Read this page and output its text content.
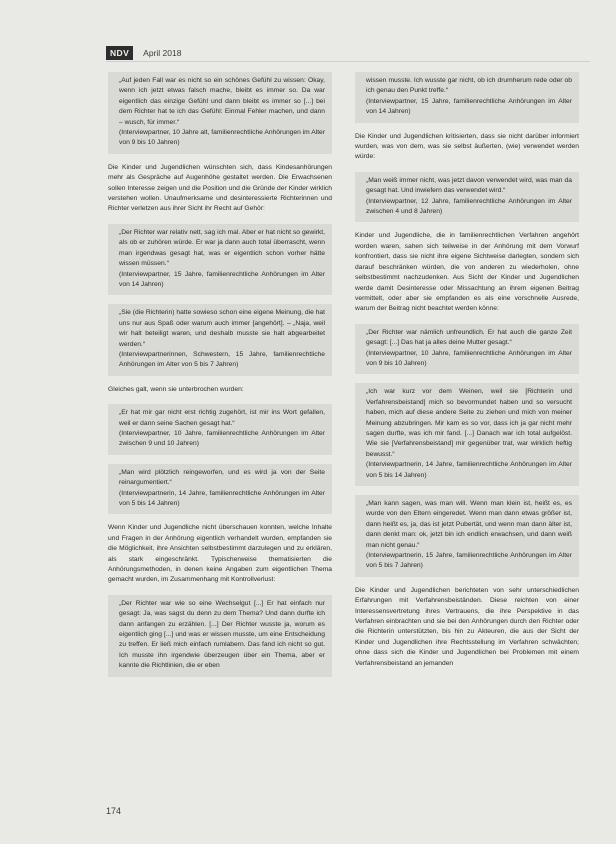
NDV	April 2018

„Auf jeden Fall war es nicht so ein schönes Gefühl zu wissen: Okay, wenn ich jetzt etwas falsch mache, bleibt es immer so. Da war eigentlich das einzige Gefühl und dann bleibt es immer so [...] bei dem Richter hat te ich das Gefühl: Einmal Fehler machen, und dann – wusch, für immer.“

(Interviewpartner, 10 Jahre alt, familienrechtliche Anhörungen im Alter von 9 bis 10 Jahren)

Die Kinder und Jugendlichen wünschten sich, dass Kindesanhörungen mehr als Gespräche auf Augenhöhe gestaltet werden. Die Erwachsenen sollen Interesse zeigen und die Position und die Gründe der Kinder wirklich verstehen wollen. Unaufmerksame und desinteressierte Richterinnen und Richter verletzen aus ihrer Sicht ihr Recht auf Gehör:

„Der Richter war relativ nett, sag ich mal. Aber er hat nicht so gewirkt, als ob er zuhören würde. Er war ja dann auch total überrascht, wenn man irgendwas gesagt hat, was er eigentlich schon vorher hätte wissen müssen.“

(Interviewpartner, 15 Jahre, familienrechtliche Anhörungen im Alter von 14 Jahren)

„Sie (die Richterin) hatte sowieso schon eine eigene Meinung, die hat uns nur aus Spaß oder warum auch immer [angehört]. – „Naja, weil wir halt beteiligt waren, und deshalb musste sie halt abgearbeitet werden.“

(Interviewpartnerinnen, Schwestern, 15 Jahre, familienrechtliche Anhörungen im Alter von 5 bis 7 Jahren)

Gleiches galt, wenn sie unterbrochen wurden:

„Er hat mir gar nicht erst richtig zugehört, ist mir ins Wort gefallen, weil er dann seine Sachen gesagt hat.“

(Interviewpartner, 10 Jahre, familienrechtliche Anhörungen im Alter zwischen 9 und 10 Jahren)

„Man wird plötzlich reingeworfen, und es wird ja von der Seite reinargumentiert.“

(Interviewpartnerin, 14 Jahre, familienrechtliche Anhörungen im Alter von 5 bis 14 Jahren)

Wenn Kinder und Jugendliche nicht überschauen konnten, welche Inhalte und Fragen in der Anhörung eigentlich verhandelt wurden, empfanden sie die Möglichkeit, ihre Ansichten selbstbestimmt darzulegen und zu erklären, als stark eingeschränkt. Typischerweise thematisierten die Anhörungsmethoden, in denen keine Angaben zum eigentlichen Thema gemacht wurden, im Zusammenhang mit Kontrollverlust:

„Der Richter war wie so eine Wechselgut [...] Er hat einfach nur gesagt: Ja, was sagst du denn zu dem Thema? Und dann durfte ich dann anfangen zu erzählen. [...] Der Richter wusste ja, worum es eigentlich ging [...] und was er wissen musste, um eine Entscheidung zu treffen. Er ließ mich einfach rumlabern. Das fand ich nicht so gut. Ich musste ihn irgendwie überzeugen über ein Thema, aber er kannte die Richtlinien, die er eben

wissen musste. Ich wusste gar nicht, ob ich drumherum rede oder ob ich genau den Punkt treffe.“

(Interviewpartner, 15 Jahre, familienrechtliche Anhörungen im Alter von 14 Jahren)

Die Kinder und Jugendlichen kritisierten, dass sie nicht darüber informiert wurden, was von dem, was sie selbst äußerten, (wie) verwendet werden würde:

„Man weiß immer nicht, was jetzt davon verwendet wird, was man da gesagt hat. Und inwiefern das verwendet wird.“

(Interviewpartner, 12 Jahre, familienrechtliche Anhörungen im Alter zwischen 4 und 8 Jahren)

Kinder und Jugendliche, die in familienrechtlichen Verfahren angehört worden waren, sahen sich teilweise in der Anhörung mit dem Vorwurf konfrontiert, dass sie nicht ihre eigene Sichtweise darlegten, sondern sich darauf beschränken würden, die von anderen zu wiederholen, ohne selbstbestimmt nachzudenken. Aus Sicht der Kinder und Jugendlichen werde damit Desinteresse oder Missachtung an ihrem eigenen Beitrag vermittelt, oder aber sie empfanden es als eine vorschnelle Ausrede, warum der Beitrag nicht beachtet werden könne:

„Der Richter war nämlich unfreundlich. Er hat auch die ganze Zeit gesagt: [...] Das hat ja alles deine Mutter gesagt.“

(Interviewpartner, 10 Jahre, familienrechtliche Anhörungen im Alter von 9 bis 10 Jahren)

„Ich war kurz vor dem Weinen, weil sie [Richterin und Verfahrensbeistand] mich so bevormundet haben und so versucht haben, mich auf diese andere Seite zu ziehen und mich von meiner Meinung abzubringen. Mir kam es so vor, dass ich ja gar nicht mehr sagen durfte, was ich mir fand. [...] Danach war ich total aufgelöst. Wie sie [Verfahrensbeistand] mir gegenüber trat, war wirklich heftig bewusst.“

(Interviewpartnerin, 14 Jahre, familienrechtliche Anhörungen im Alter von 5 bis 14 Jahren)

„Man kann sagen, was man will. Wenn man klein ist, heißt es, es wurde von den Eltern eingeredet. Wenn man dann etwas größer ist, dann heißt es, ja, das ist jetzt Pubertät, und wenn man dann älter ist, dann denkt man: ok, jetzt bin ich endlich erwachsen, und dann weiß man nicht genau.“

(Interviewpartnerin, 15 Jahre, familienrechtliche Anhörungen im Alter von 5 bis 7 Jahren)

Die Kinder und Jugendlichen berichteten von sehr unterschiedlichen Erfahrungen mit Verfahrensbeiständen. Diese reichten von einer Interessensvertretung ihres Vertrauens, die ihre Perspektive in das Verfahren einbrachten und sie bei den Anhörungen durch den Richter oder die Richterin unterstützten, bis hin zu Akteuren, die aus der Sicht der Kinder und Jugendlichen ihre Rechtsstellung im Verfahren schwächten; ohne dass sich die Kinder und Jugendlichen bei Problemen mit einem Verfahrensbeistand an jemanden

174
